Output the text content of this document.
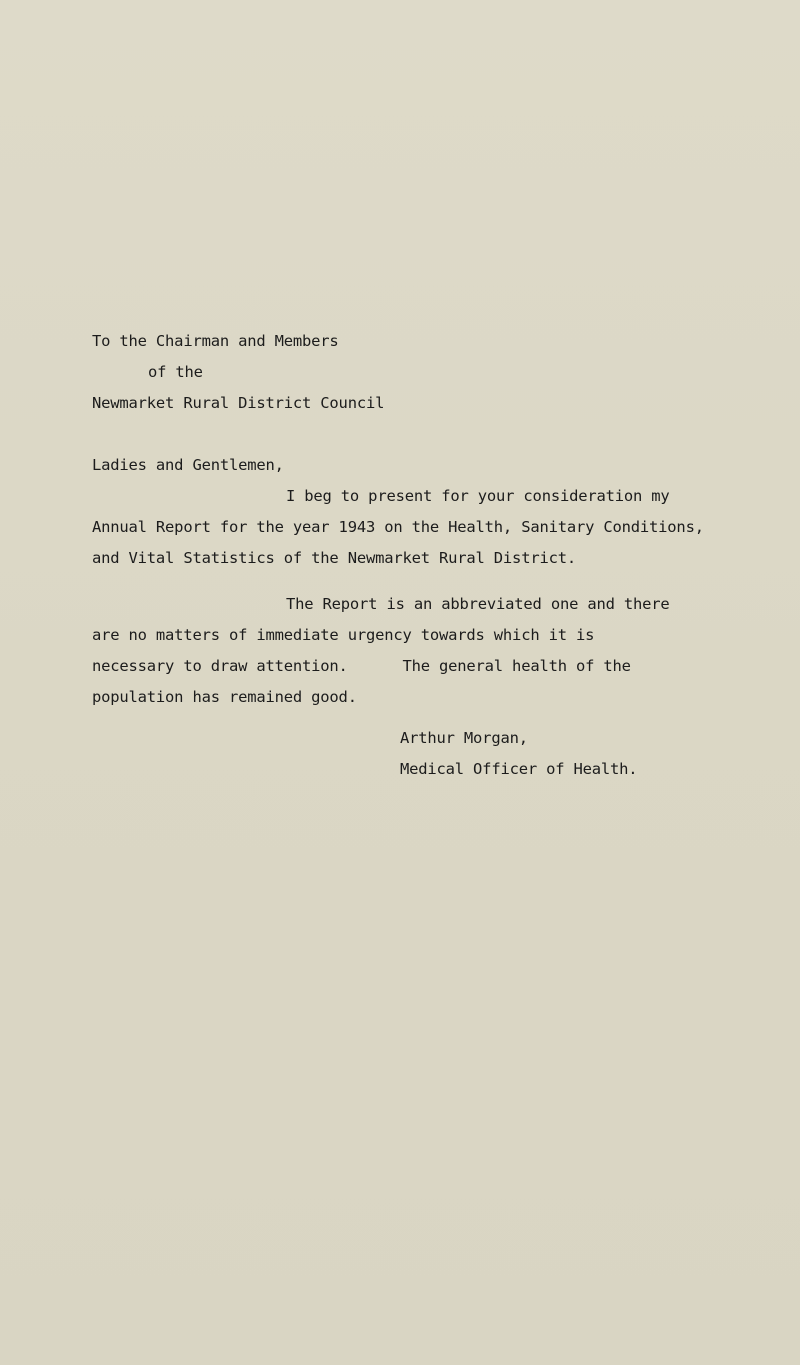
To the Chairman and Members
of the
Newmarket Rural District Council
Ladies and Gentlemen,
I beg to present for your consideration my
Annual Report for the year 1943 on the Health, Sanitary Conditions,
and Vital Statistics of the Newmarket Rural District.
The Report is an abbreviated one and there
are no matters of immediate urgency towards which it is
necessary to draw attention.      The general health of the
population has remained good.
Arthur Morgan,
Medical Officer of Health.
